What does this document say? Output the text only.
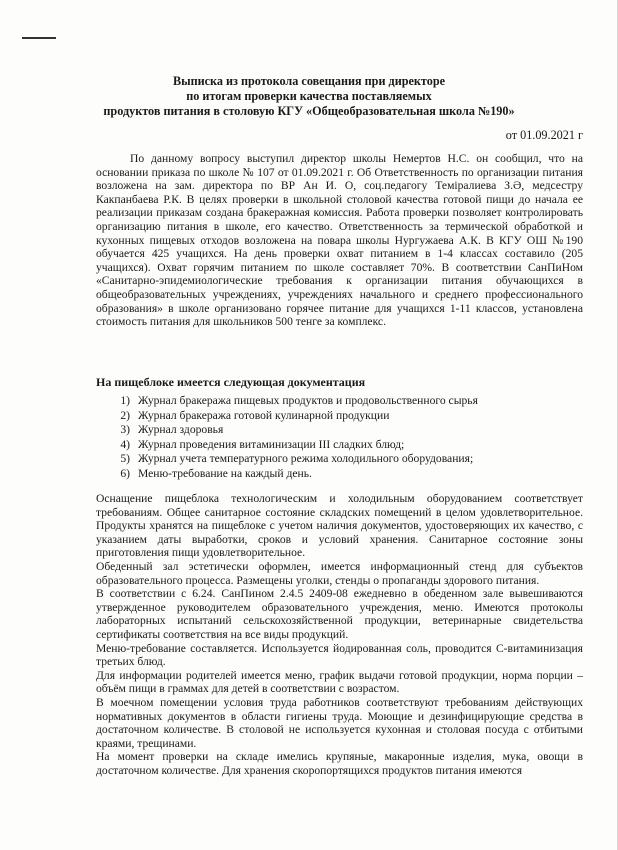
Выписка из протокола совещания при директоре
по итогам проверки качества поставляемых
продуктов питания в столовую КГУ «Общеобразовательная школа №190»
от 01.09.2021 г
По данному вопросу выступил директор школы Немертов Н.С. он сообщил, что на основании приказа по школе № 107 от 01.09.2021 г. Об Ответственность по организации питания возложена на зам. директора по ВР Ан И. О, соц.педагогу Теміралиева З.Ә, медсестру Какпанбаева Р.К. В целях проверки в школьной столовой качества готовой пищи до начала ее реализации приказам создана бракеражная комиссия. Работа проверки позволяет контролировать организацию питания в школе, его качество. Ответственность за термической обработкой и кухонных пищевых отходов возложена на повара школы Нургужаева А.К. В КГУ ОШ №190 обучается 425 учащихся. На день проверки охват питанием в 1-4 классах составило (205 учащихся). Охват горячим питанием по школе составляет 70%. В соответствии СанПиНом «Санитарно-эпидемиологические требования к организации питания обучающихся в общеобразовательных учреждениях, учреждениях начального и среднего профессионального образования» в школе организовано горячее питание для учащихся 1-11 классов, установлена стоимость питания для школьников 500 тенге за комплекс.
На пищеблоке имеется следующая документация
1) Журнал бракеража пищевых продуктов и продовольственного сырья
2) Журнал бракеража готовой кулинарной продукции
3) Журнал здоровья
4) Журнал проведения витаминизации III сладких блюд;
5) Журнал учета температурного режима холодильного оборудования;
6) Меню-требование на каждый день.

Оснащение пищеблока технологическим и холодильным оборудованием соответствует требованиям. Общее санитарное состояние складских помещений в целом удовлетворительное. Продукты хранятся на пищеблоке с учетом наличия документов, удостоверяющих их качество, с указанием даты выработки, сроков и условий хранения. Санитарное состояние зоны приготовления пищи удовлетворительное.

Обеденный зал эстетически оформлен, имеется информационный стенд для субъектов образовательного процесса. Размещены уголки, стенды о пропаганды здорового питания.

В соответствии с 6.24. СанПином 2.4.5 2409-08 ежедневно в обеденном зале вывешиваются утвержденное руководителем образовательного учреждения, меню. Имеются протоколы лабораторных испытаний сельскохозяйственной продукции, ветеринарные свидетельства сертификаты соответствия на все виды продукций.

Меню-требование составляется. Используется йодированная соль, проводится С-витаминизация третьих блюд.

Для информации родителей имеется меню, график выдачи готовой продукции, норма порции – объём пищи в граммах для детей в соответствии с возрастом.

В моечном помещении условия труда работников соответствуют требованиям действующих нормативных документов в области гигиены труда. Моющие и дезинфицирующие средства в достаточном количестве. В столовой не используется кухонная и столовая посуда с отбитыми краями, трещинами.

На момент проверки на складе имелись крупяные, макаронные изделия, мука, овощи в достаточном количестве. Для хранения скоропортящихся продуктов питания имеются
